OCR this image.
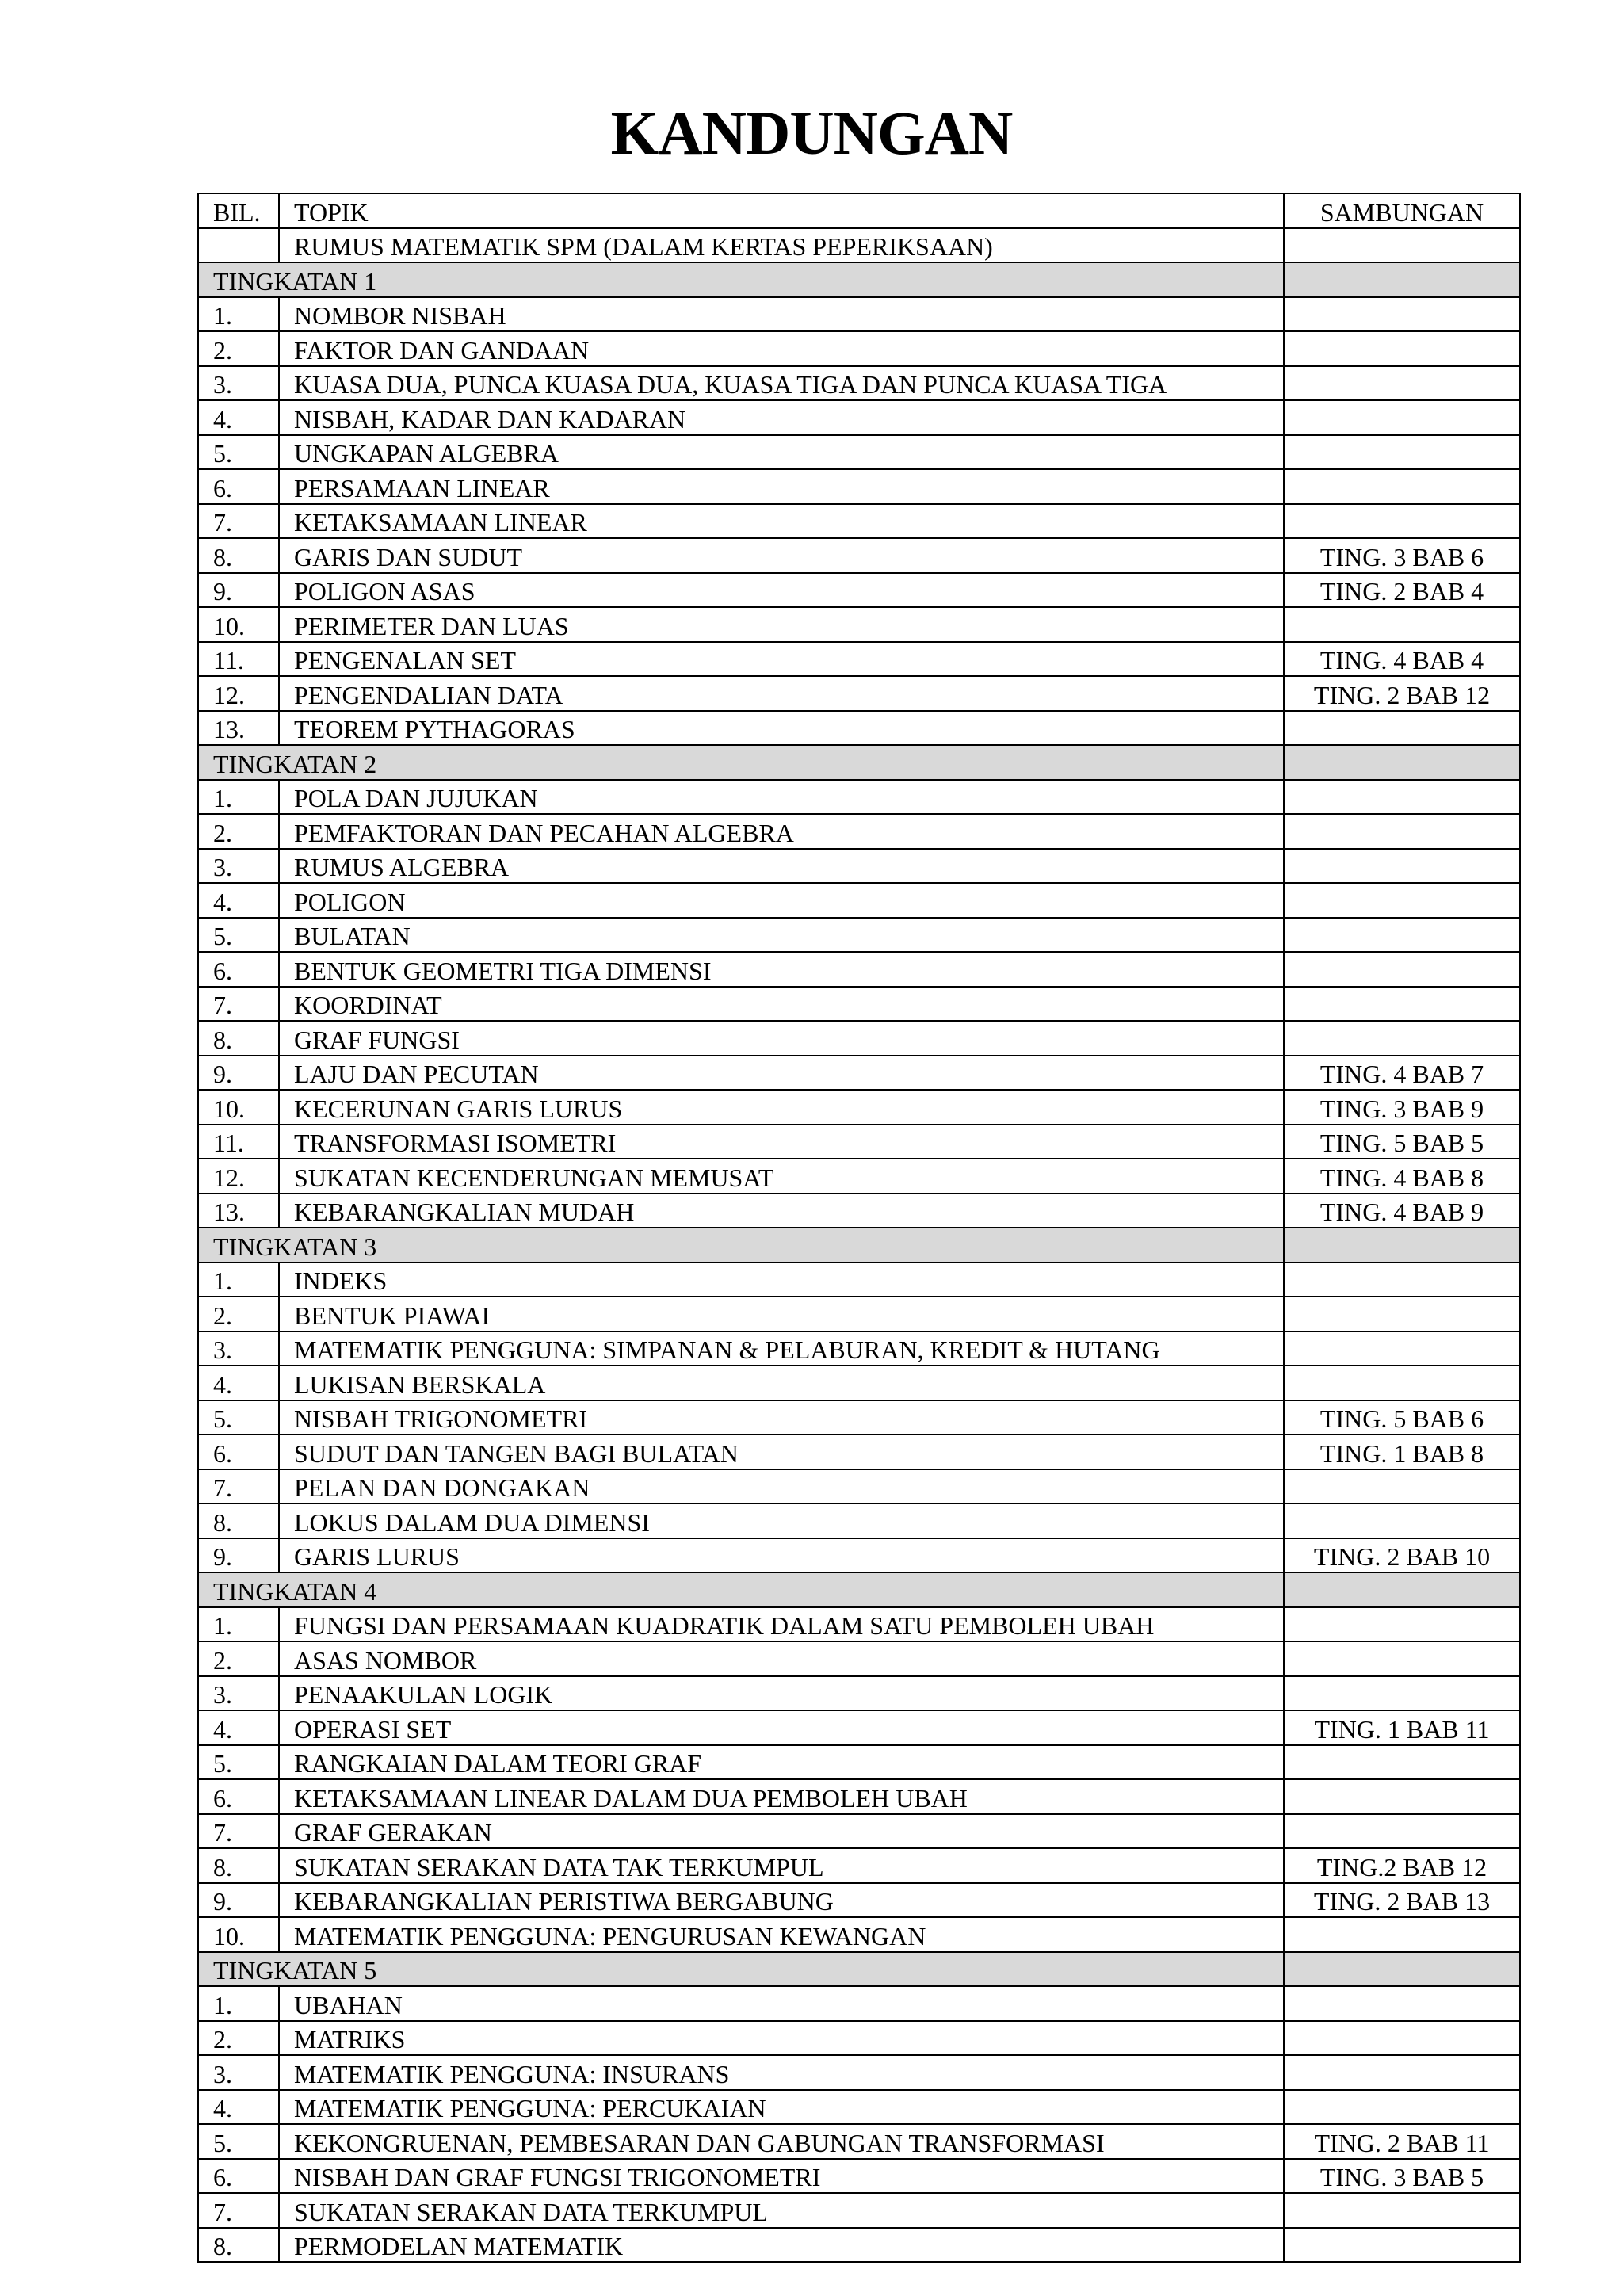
KANDUNGAN
BIL.	TOPIK	SAMBUNGAN
	RUMUS MATEMATIK SPM (DALAM KERTAS PEPERIKSAAN)	
TINGKATAN 1		
1.	NOMBOR NISBAH	
2.	FAKTOR DAN GANDAAN	
3.	KUASA DUA, PUNCA KUASA DUA, KUASA TIGA DAN PUNCA KUASA TIGA	
4.	NISBAH, KADAR DAN KADARAN	
5.	UNGKAPAN ALGEBRA	
6.	PERSAMAAN LINEAR	
7.	KETAKSAMAAN LINEAR	
8.	GARIS DAN SUDUT	TING. 3 BAB 6
9.	POLIGON ASAS	TING. 2 BAB 4
10.	PERIMETER DAN LUAS	
11.	PENGENALAN SET	TING. 4 BAB 4
12.	PENGENDALIAN DATA	TING. 2 BAB 12
13.	TEOREM PYTHAGORAS	
TINGKATAN 2		
1.	POLA DAN JUJUKAN	
2.	PEMFAKTORAN DAN PECAHAN ALGEBRA	
3.	RUMUS ALGEBRA	
4.	POLIGON	
5.	BULATAN	
6.	BENTUK GEOMETRI TIGA DIMENSI	
7.	KOORDINAT	
8.	GRAF FUNGSI	
9.	LAJU DAN PECUTAN	TING. 4 BAB 7
10.	KECERUNAN GARIS LURUS	TING. 3 BAB 9
11.	TRANSFORMASI ISOMETRI	TING. 5 BAB 5
12.	SUKATAN KECENDERUNGAN MEMUSAT	TING. 4 BAB 8
13.	KEBARANGKALIAN MUDAH	TING. 4 BAB 9
TINGKATAN 3		
1.	INDEKS	
2.	BENTUK PIAWAI	
3.	MATEMATIK PENGGUNA: SIMPANAN & PELABURAN, KREDIT & HUTANG	
4.	LUKISAN BERSKALA	
5.	NISBAH TRIGONOMETRI	TING. 5 BAB 6
6.	SUDUT DAN TANGEN BAGI BULATAN	TING. 1 BAB 8
7.	PELAN DAN DONGAKAN	
8.	LOKUS DALAM DUA DIMENSI	
9.	GARIS LURUS	TING. 2 BAB 10
TINGKATAN 4		
1.	FUNGSI DAN PERSAMAAN KUADRATIK DALAM SATU PEMBOLEH UBAH	
2.	ASAS NOMBOR	
3.	PENAAKULAN LOGIK	
4.	OPERASI SET	TING. 1 BAB 11
5.	RANGKAIAN DALAM TEORI GRAF	
6.	KETAKSAMAAN LINEAR DALAM DUA PEMBOLEH UBAH	
7.	GRAF GERAKAN	
8.	SUKATAN SERAKAN DATA TAK TERKUMPUL	TING.2 BAB 12
9.	KEBARANGKALIAN PERISTIWA BERGABUNG	TING. 2 BAB 13
10.	MATEMATIK PENGGUNA: PENGURUSAN KEWANGAN	
TINGKATAN 5		
1.	UBAHAN	
2.	MATRIKS	
3.	MATEMATIK PENGGUNA: INSURANS	
4.	MATEMATIK PENGGUNA: PERCUKAIAN	
5.	KEKONGRUENAN, PEMBESARAN DAN GABUNGAN TRANSFORMASI	TING. 2 BAB 11
6.	NISBAH DAN GRAF FUNGSI TRIGONOMETRI	TING. 3 BAB 5
7.	SUKATAN SERAKAN DATA TERKUMPUL	
8.	PERMODELAN MATEMATIK	
